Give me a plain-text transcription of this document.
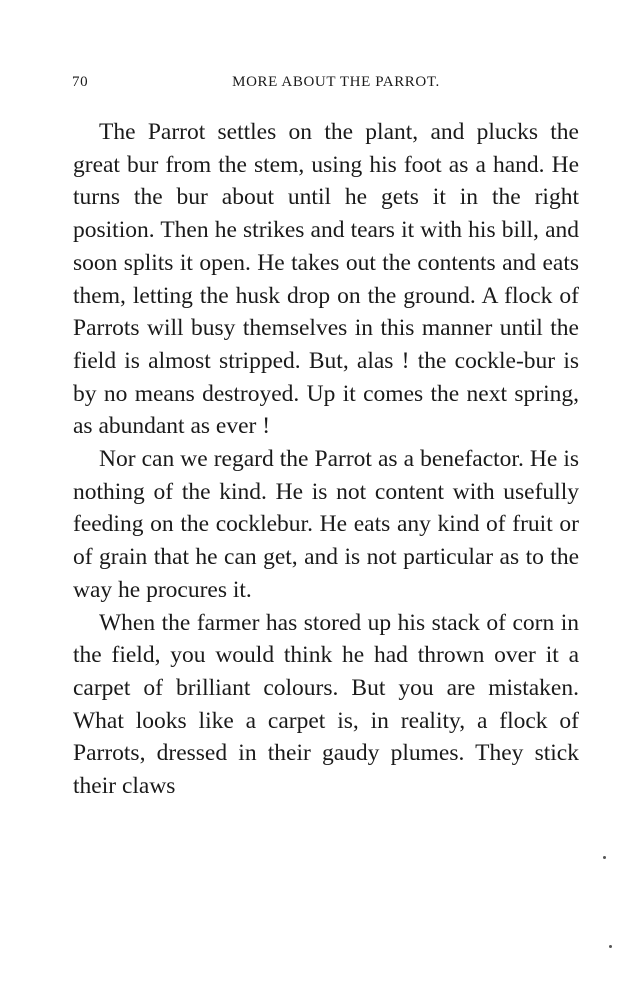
70	MORE ABOUT THE PARROT.

The Parrot settles on the plant, and plucks the great bur from the stem, using his foot as a hand. He turns the bur about until he gets it in the right position. Then he strikes and tears it with his bill, and soon splits it open. He takes out the contents and eats them, letting the husk drop on the ground. A flock of Parrots will busy themselves in this manner until the field is almost stripped. But, alas ! the cockle-bur is by no means destroyed. Up it comes the next spring, as abundant as ever !

Nor can we regard the Parrot as a benefactor. He is nothing of the kind. He is not content with usefully feeding on the cocklebur. He eats any kind of fruit or of grain that he can get, and is not particular as to the way he procures it.

When the farmer has stored up his stack of corn in the field, you would think he had thrown over it a carpet of brilliant colours. But you are mistaken. What looks like a carpet is, in reality, a flock of Parrots, dressed in their gaudy plumes. They stick their claws
